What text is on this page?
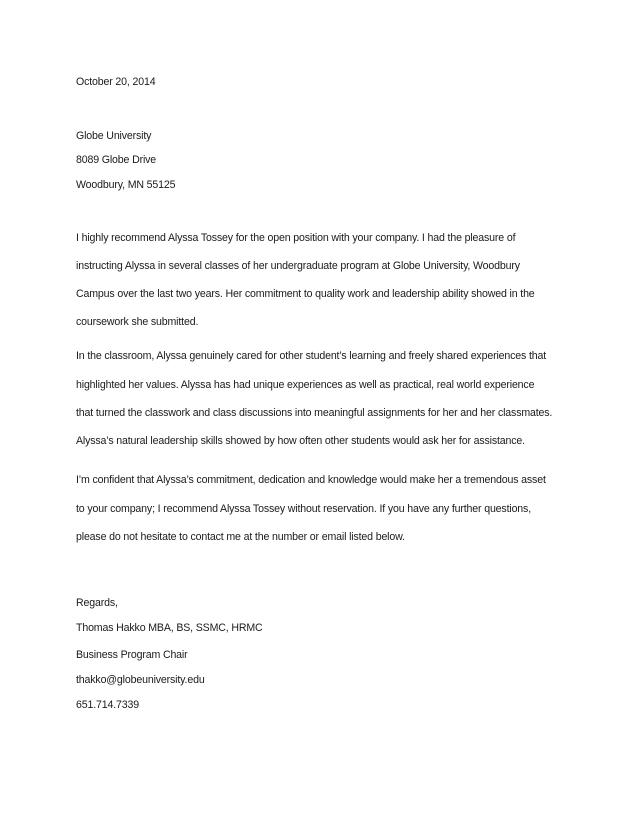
October 20, 2014
Globe University
8089 Globe Drive
Woodbury, MN 55125
I highly recommend Alyssa Tossey for the open position with your company. I had the pleasure of
instructing Alyssa in several classes of her undergraduate program at Globe University, Woodbury
Campus over the last two years. Her commitment to quality work and leadership ability showed in the
coursework she submitted.
In the classroom, Alyssa genuinely cared for other student’s learning and freely shared experiences that
highlighted her values. Alyssa has had unique experiences as well as practical, real world experience
that turned the classwork and class discussions into meaningful assignments for her and her classmates.
Alyssa’s natural leadership skills showed by how often other students would ask her for assistance.
I’m confident that Alyssa’s commitment, dedication and knowledge would make her a tremendous asset
to your company; I recommend Alyssa Tossey without reservation. If you have any further questions,
please do not hesitate to contact me at the number or email listed below.
Regards,
Thomas Hakko MBA, BS, SSMC, HRMC
Business Program Chair
thakko@globeuniversity.edu
651.714.7339
